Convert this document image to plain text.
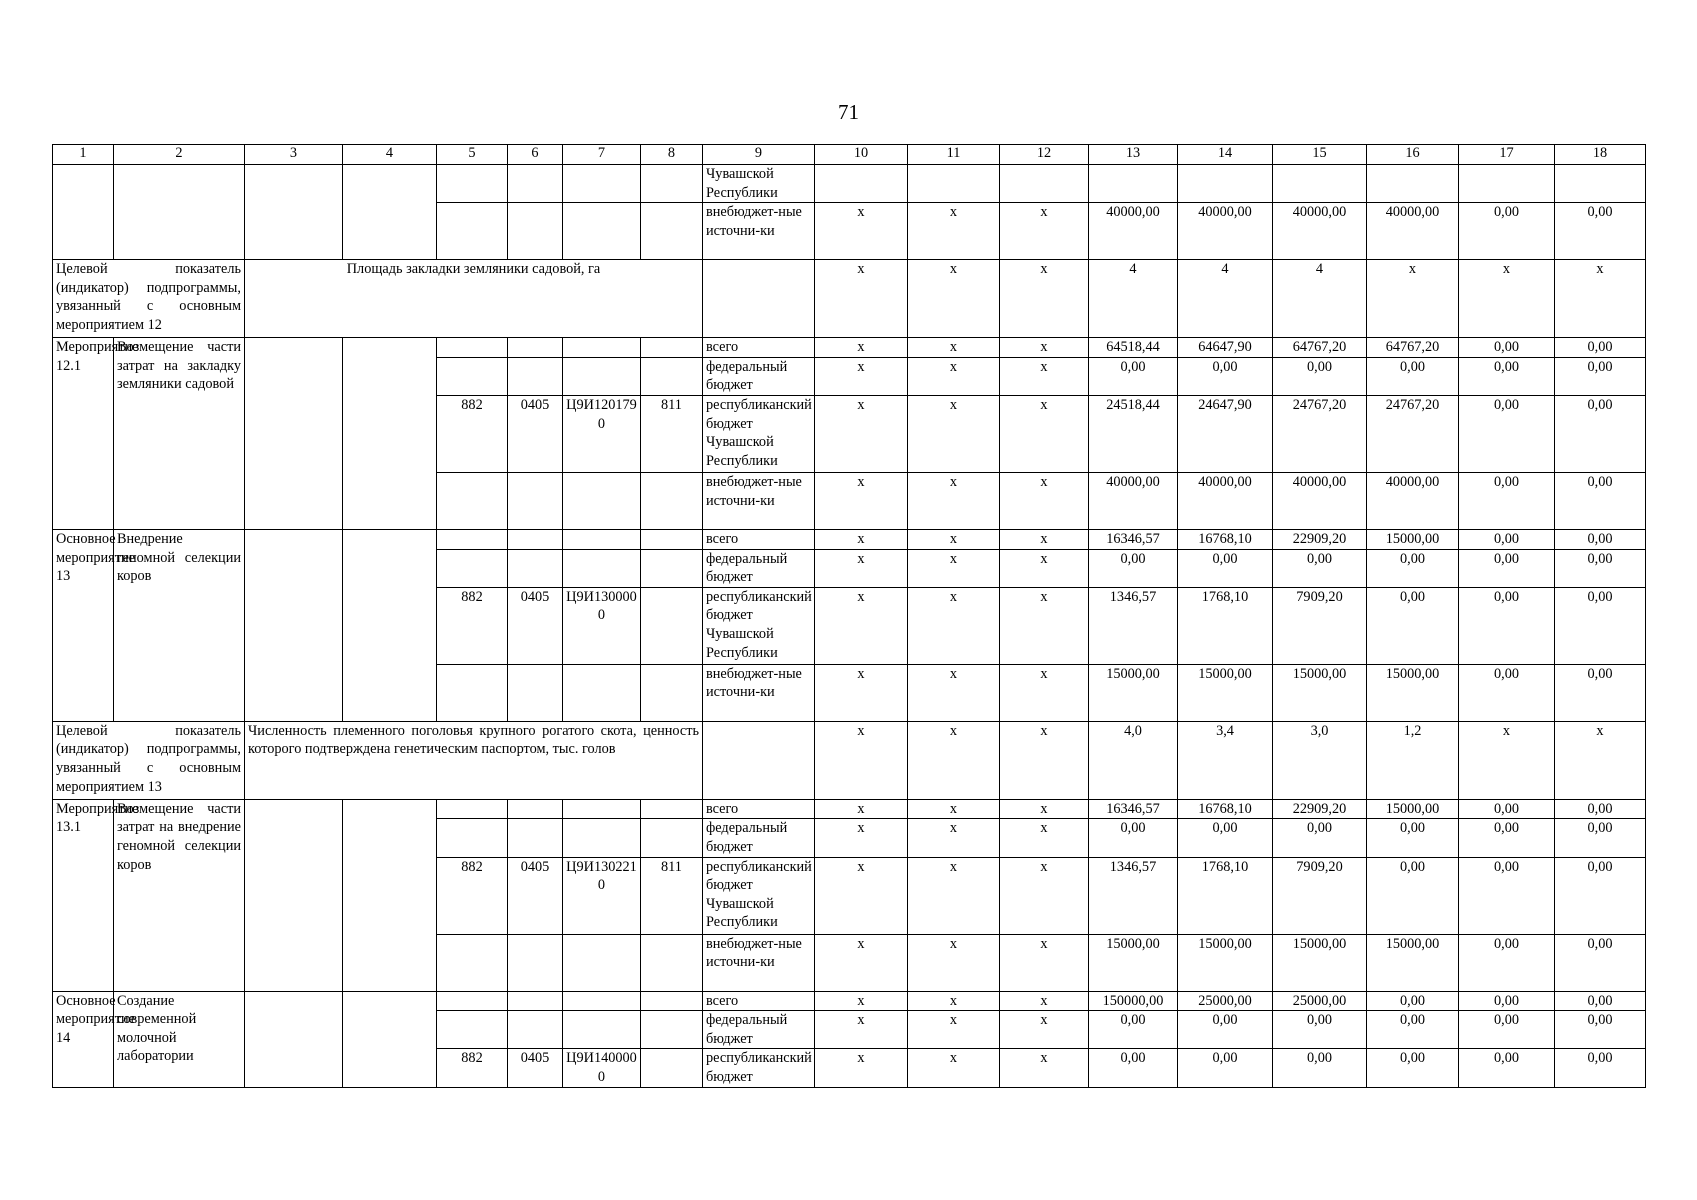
71
1	2	3	4	5	6	7	8	9	10	11	12	13	14	15	16	17	18
								Чувашской Республики									
								внебюджет-ные источни-ки	х	х	х	40000,00	40000,00	40000,00	40000,00	0,00	0,00
Целевой показатель (индикатор) подпрограммы, увязанный с основным мероприятием 12		Площадь закладки земляники садовой, га							х	х	х	4	4	4	х	х	х
Мероприятие 12.1	Возмещение части затрат на закладку земляники садовой							всего	х	х	х	64518,44	64647,90	64767,20	64767,20	0,00	0,00
								федеральный бюджет	х	х	х	0,00	0,00	0,00	0,00	0,00	0,00
				882	0405	Ц9И1201790	811	республиканский бюджет Чувашской Республики	х	х	х	24518,44	24647,90	24767,20	24767,20	0,00	0,00
								внебюджет-ные источни-ки	х	х	х	40000,00	40000,00	40000,00	40000,00	0,00	0,00
Основное мероприятие 13	Внедрение геномной селекции коров							всего	х	х	х	16346,57	16768,10	22909,20	15000,00	0,00	0,00
								федеральный бюджет	х	х	х	0,00	0,00	0,00	0,00	0,00	0,00
				882	0405	Ц9И1300000		республиканский бюджет Чувашской Республики	х	х	х	1346,57	1768,10	7909,20	0,00	0,00	0,00
								внебюджет-ные источни-ки	х	х	х	15000,00	15000,00	15000,00	15000,00	0,00	0,00
Целевой показатель (индикатор) подпрограммы, увязанный с основным мероприятием 13		Численность племенного поголовья крупного рогатого скота, ценность которого подтверждена генетическим паспортом, тыс. голов							х	х	х	4,0	3,4	3,0	1,2	х	х
Мероприятие 13.1	Возмещение части затрат на внедрение геномной селекции коров							всего	х	х	х	16346,57	16768,10	22909,20	15000,00	0,00	0,00
								федеральный бюджет	х	х	х	0,00	0,00	0,00	0,00	0,00	0,00
				882	0405	Ц9И1302210	811	республиканский бюджет Чувашской Республики	х	х	х	1346,57	1768,10	7909,20	0,00	0,00	0,00
								внебюджет-ные источни-ки	х	х	х	15000,00	15000,00	15000,00	15000,00	0,00	0,00
Основное мероприятие 14	Создание современной молочной лаборатории							всего	х	х	х	150000,00	25000,00	25000,00	0,00	0,00	0,00
								федеральный бюджет	х	х	х	0,00	0,00	0,00	0,00	0,00	0,00
				882	0405	Ц9И1400000		республиканский бюджет	х	х	х	0,00	0,00	0,00	0,00	0,00	0,00
